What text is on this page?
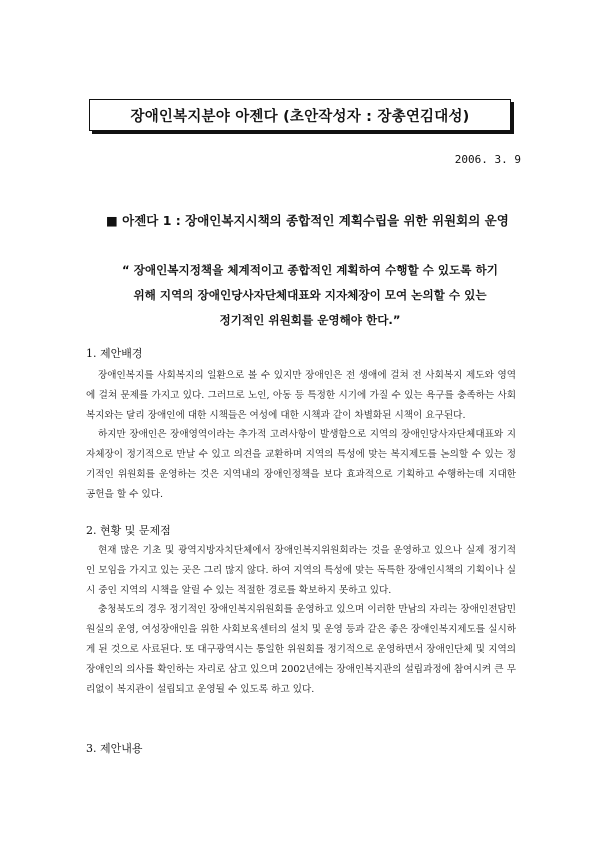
장애인복지분야 아젠다 (초안작성자 : 장총연김대성)
2006. 3. 9
■ 아젠다 1 : 장애인복지시책의 종합적인 계획수립을 위한 위원회의 운영
“ 장애인복지정책을 체계적이고 종합적인 계획하여 수행할 수 있도록 하기
위해 지역의 장애인당사자단체대표와 지자체장이 모여 논의할 수 있는
정기적인 위원회를 운영해야 한다.”
1. 제안배경

장애인복지를 사회복지의 일환으로 볼 수 있지만 장애인은 전 생애에 걸쳐 전 사회복지 제도와 영역에 걸쳐 문제를 가지고 있다. 그러므로 노인, 아동 등 특정한 시기에 가질 수 있는 욕구를 충족하는 사회복지와는 달리 장애인에 대한 시책들은 여성에 대한 시책과 같이 차별화된 시책이 요구된다.

하지만 장애인은 장애영역이라는 추가적 고려사항이 발생함으로 지역의 장애인당사자단체대표와 지자체장이 정기적으로 만날 수 있고 의견을 교환하며 지역의 특성에 맞는 복지제도를 논의할 수 있는 정기적인 위원회를 운영하는 것은 지역내의 장애인정책을 보다 효과적으로 기획하고 수행하는데 지대한 공헌을 할 수 있다.

2. 현황 및 문제점

현재 많은 기초 및 광역지방자치단체에서 장애인복지위원회라는 것을 운영하고 있으나 실제 정기적인 모임을 가지고 있는 곳은 그리 많지 않다. 하여 지역의 특성에 맞는 독특한 장애인시책의 기획이나 실시 중인 지역의 시책을 알릴 수 있는 적절한 경로를 확보하지 못하고 있다.

충청북도의 경우 정기적인 장애인복지위원회를 운영하고 있으며 이러한 만남의 자리는 장애인전담민원실의 운영, 여성장애인을 위한 사회보육센터의 설치 및 운영 등과 같은 좋은 장애인복지제도를 실시하게 된 것으로 사료된다. 또 대구광역시는 통일한 위원회를 정기적으로 운영하면서 장애인단체 및 지역의 장애인의 의사를 확인하는 자리로 삼고 있으며 2002년에는 장애인복지관의 설립과정에 참여시켜 큰 무리없이 복지관이 설립되고 운영될 수 있도록 하고 있다.

3. 제안내용
